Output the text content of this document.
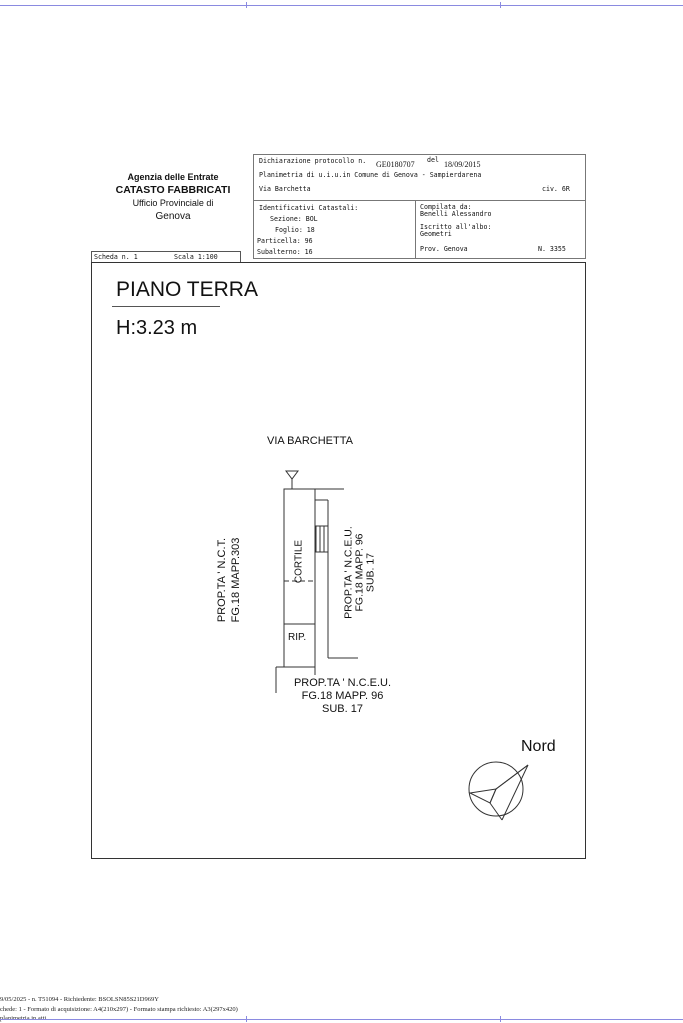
Agenzia delle Entrate
CATASTO FABBRICATI
Ufficio Provinciale di
Genova
Dichiarazione protocollo n. GE0180707 del 18/09/2015
Planimetria di u.i.u.in Comune di Genova - Sampierdarena
Via Barchetta	civ. 6R
Identificativi Catastali:
Sezione: BOL
Foglio: 18
Particella: 96
Subalterno: 16
Compilata da:
Benelli Alessandro
Iscritto all'albo:
Geometri
Prov. Genova	N. 3355
Scheda n. 1	Scala 1:100
PIANO TERRA
H:3.23 m
VIA BARCHETTA
PROP.TA ' N.C.T. FG.18 MAPP.303	CORTILE
RIP.
PROP.TA ' N.C.E.U. FG.18 MAPP. 96 SUB. 17
PROP.TA ' N.C.E.U.
FG.18 MAPP. 96
SUB. 17
Nord
9/05/2025 - n. T51094 - Richiedente: BSOLSN85S21D969Y
chede: 1 - Formato di acquisizione: A4(210x297) - Formato stampa richiesto: A3(297x420)
planimetria in atti
